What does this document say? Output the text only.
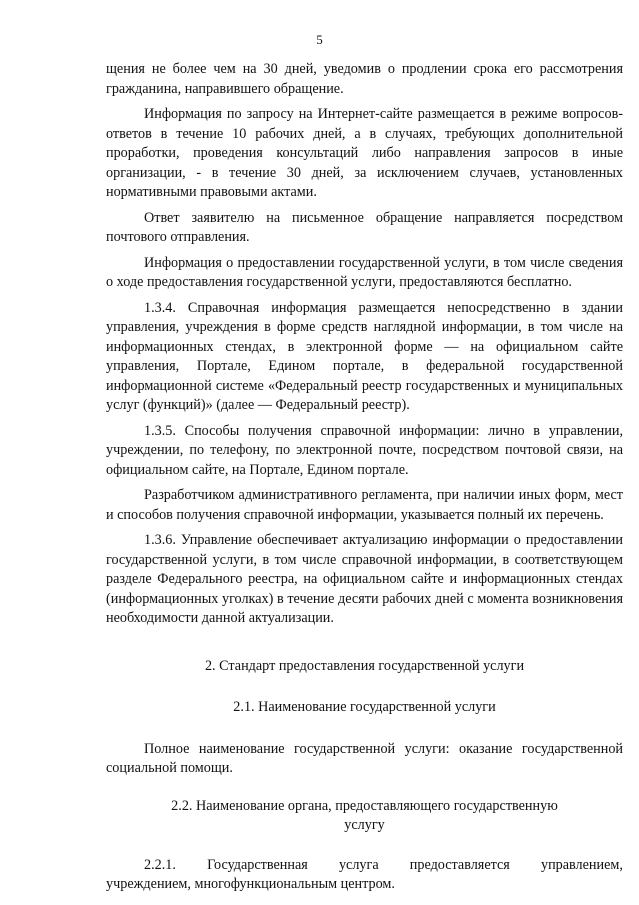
5

щения не более чем на 30 дней, уведомив о продлении срока его рассмотрения гражданина, направившего обращение.

Информация по запросу на Интернет-сайте размещается в режиме вопросов-ответов в течение 10 рабочих дней, а в случаях, требующих дополнительной проработки, проведения консультаций либо направления запросов в иные организации, - в течение 30 дней, за исключением случаев, установленных нормативными правовыми актами.

Ответ заявителю на письменное обращение направляется посредством почтового отправления.

Информация о предоставлении государственной услуги, в том числе сведения о ходе предоставления государственной услуги, предоставляются бесплатно.

1.3.4. Справочная информация размещается непосредственно в здании управления, учреждения в форме средств наглядной информации, в том числе на информационных стендах, в электронной форме — на официальном сайте управления, Портале, Едином портале, в федеральной государственной информационной системе «Федеральный реестр государственных и муниципальных услуг (функций)» (далее — Федеральный реестр).

1.3.5. Способы получения справочной информации: лично в управлении, учреждении, по телефону, по электронной почте, посредством почтовой связи, на официальном сайте, на Портале, Едином портале.

Разработчиком административного регламента, при наличии иных форм, мест и способов получения справочной информации, указывается полный их перечень.

1.3.6. Управление обеспечивает актуализацию информации о предоставлении государственной услуги, в том числе справочной информации, в соответствующем разделе Федерального реестра, на официальном сайте и информационных стендах (информационных уголках) в течение десяти рабочих дней с момента возникновения необходимости данной актуализации.

2. Стандарт предоставления государственной услуги
2.1. Наименование государственной услуги

Полное наименование государственной услуги: оказание государственной социальной помощи.

2.2. Наименование органа, предоставляющего государственную
услугу
2.2.1. Государственная услуга предоставляется управлением,

учреждением, многофункциональным центром.
